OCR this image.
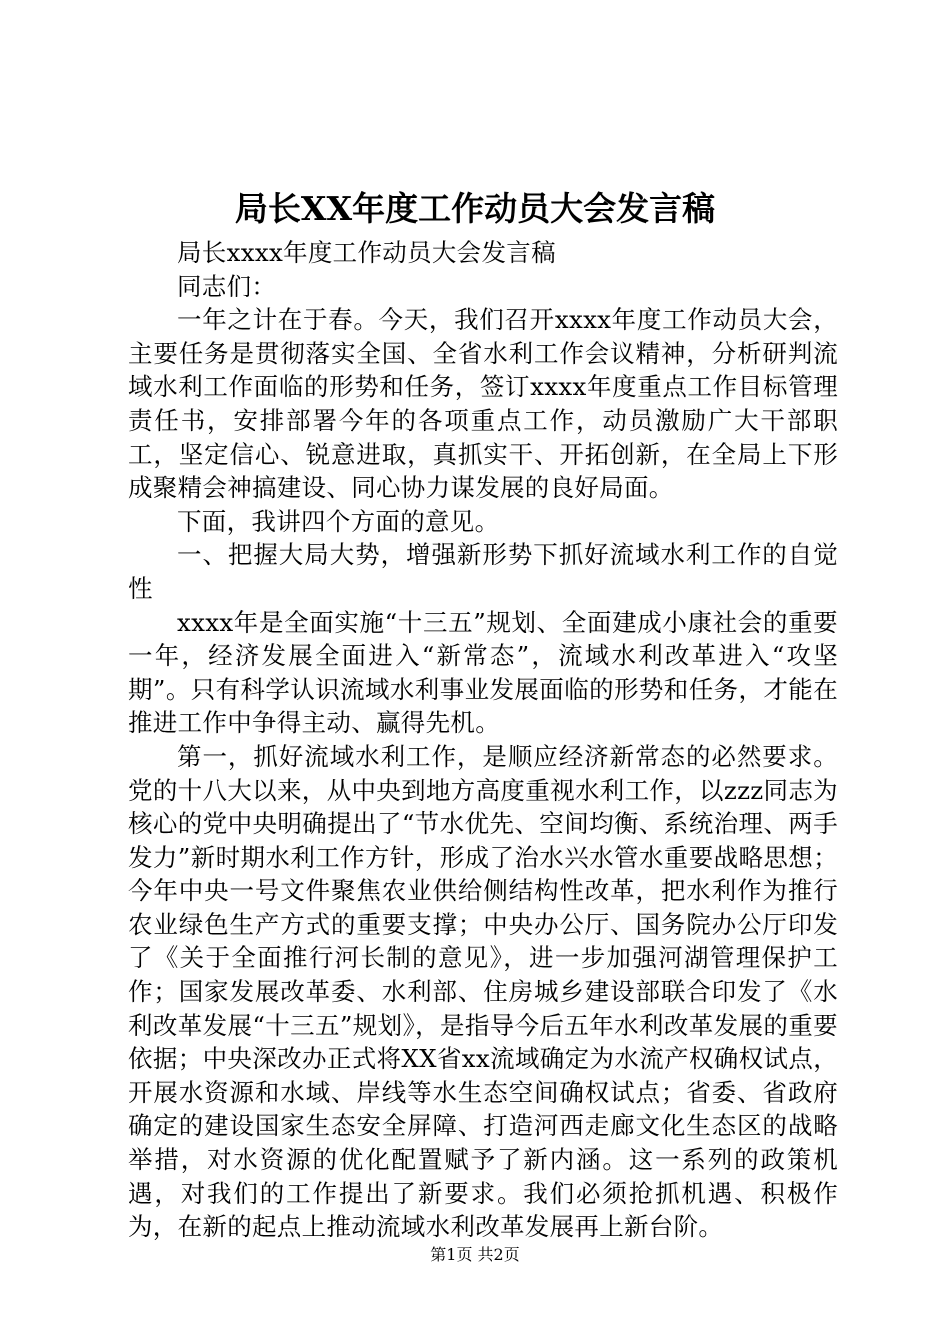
局长XX年度工作动员大会发言稿

局长xxxx年度工作动员大会发言稿

同志们：

一年之计在于春。今天，我们召开xxxx年度工作动员大会，主要任务是贯彻落实全国、全省水利工作会议精神，分析研判流域水利工作面临的形势和任务，签订xxxx年度重点工作目标管理责任书，安排部署今年的各项重点工作，动员激励广大干部职工，坚定信心、锐意进取，真抓实干、开拓创新，在全局上下形成聚精会神搞建设、同心协力谋发展的良好局面。

下面，我讲四个方面的意见。

一、把握大局大势，增强新形势下抓好流域水利工作的自觉性

xxxx年是全面实施“十三五”规划、全面建成小康社会的重要一年，经济发展全面进入“新常态”，流域水利改革进入“攻坚期”。只有科学认识流域水利事业发展面临的形势和任务，才能在推进工作中争得主动、赢得先机。

第一，抓好流域水利工作，是顺应经济新常态的必然要求。党的十八大以来，从中央到地方高度重视水利工作，以zzz同志为核心的党中央明确提出了“节水优先、空间均衡、系统治理、两手发力”新时期水利工作方针，形成了治水兴水管水重要战略思想；今年中央一号文件聚焦农业供给侧结构性改革，把水利作为推行农业绿色生产方式的重要支撑；中央办公厅、国务院办公厅印发了《关于全面推行河长制的意见》，进一步加强河湖管理保护工作；国家发展改革委、水利部、住房城乡建设部联合印发了《水利改革发展“十三五”规划》，是指导今后五年水利改革发展的重要依据；中央深改办正式将XX省xx流域确定为水流产权确权试点，开展水资源和水域、岸线等水生态空间确权试点；省委、省政府确定的建设国家生态安全屏障、打造河西走廊文化生态区的战略举措，对水资源的优化配置赋予了新内涵。这一系列的政策机遇，对我们的工作提出了新要求。我们必须抢抓机遇、积极作为，在新的起点上推动流域水利改革发展再上新台阶。

第1页 共2页
